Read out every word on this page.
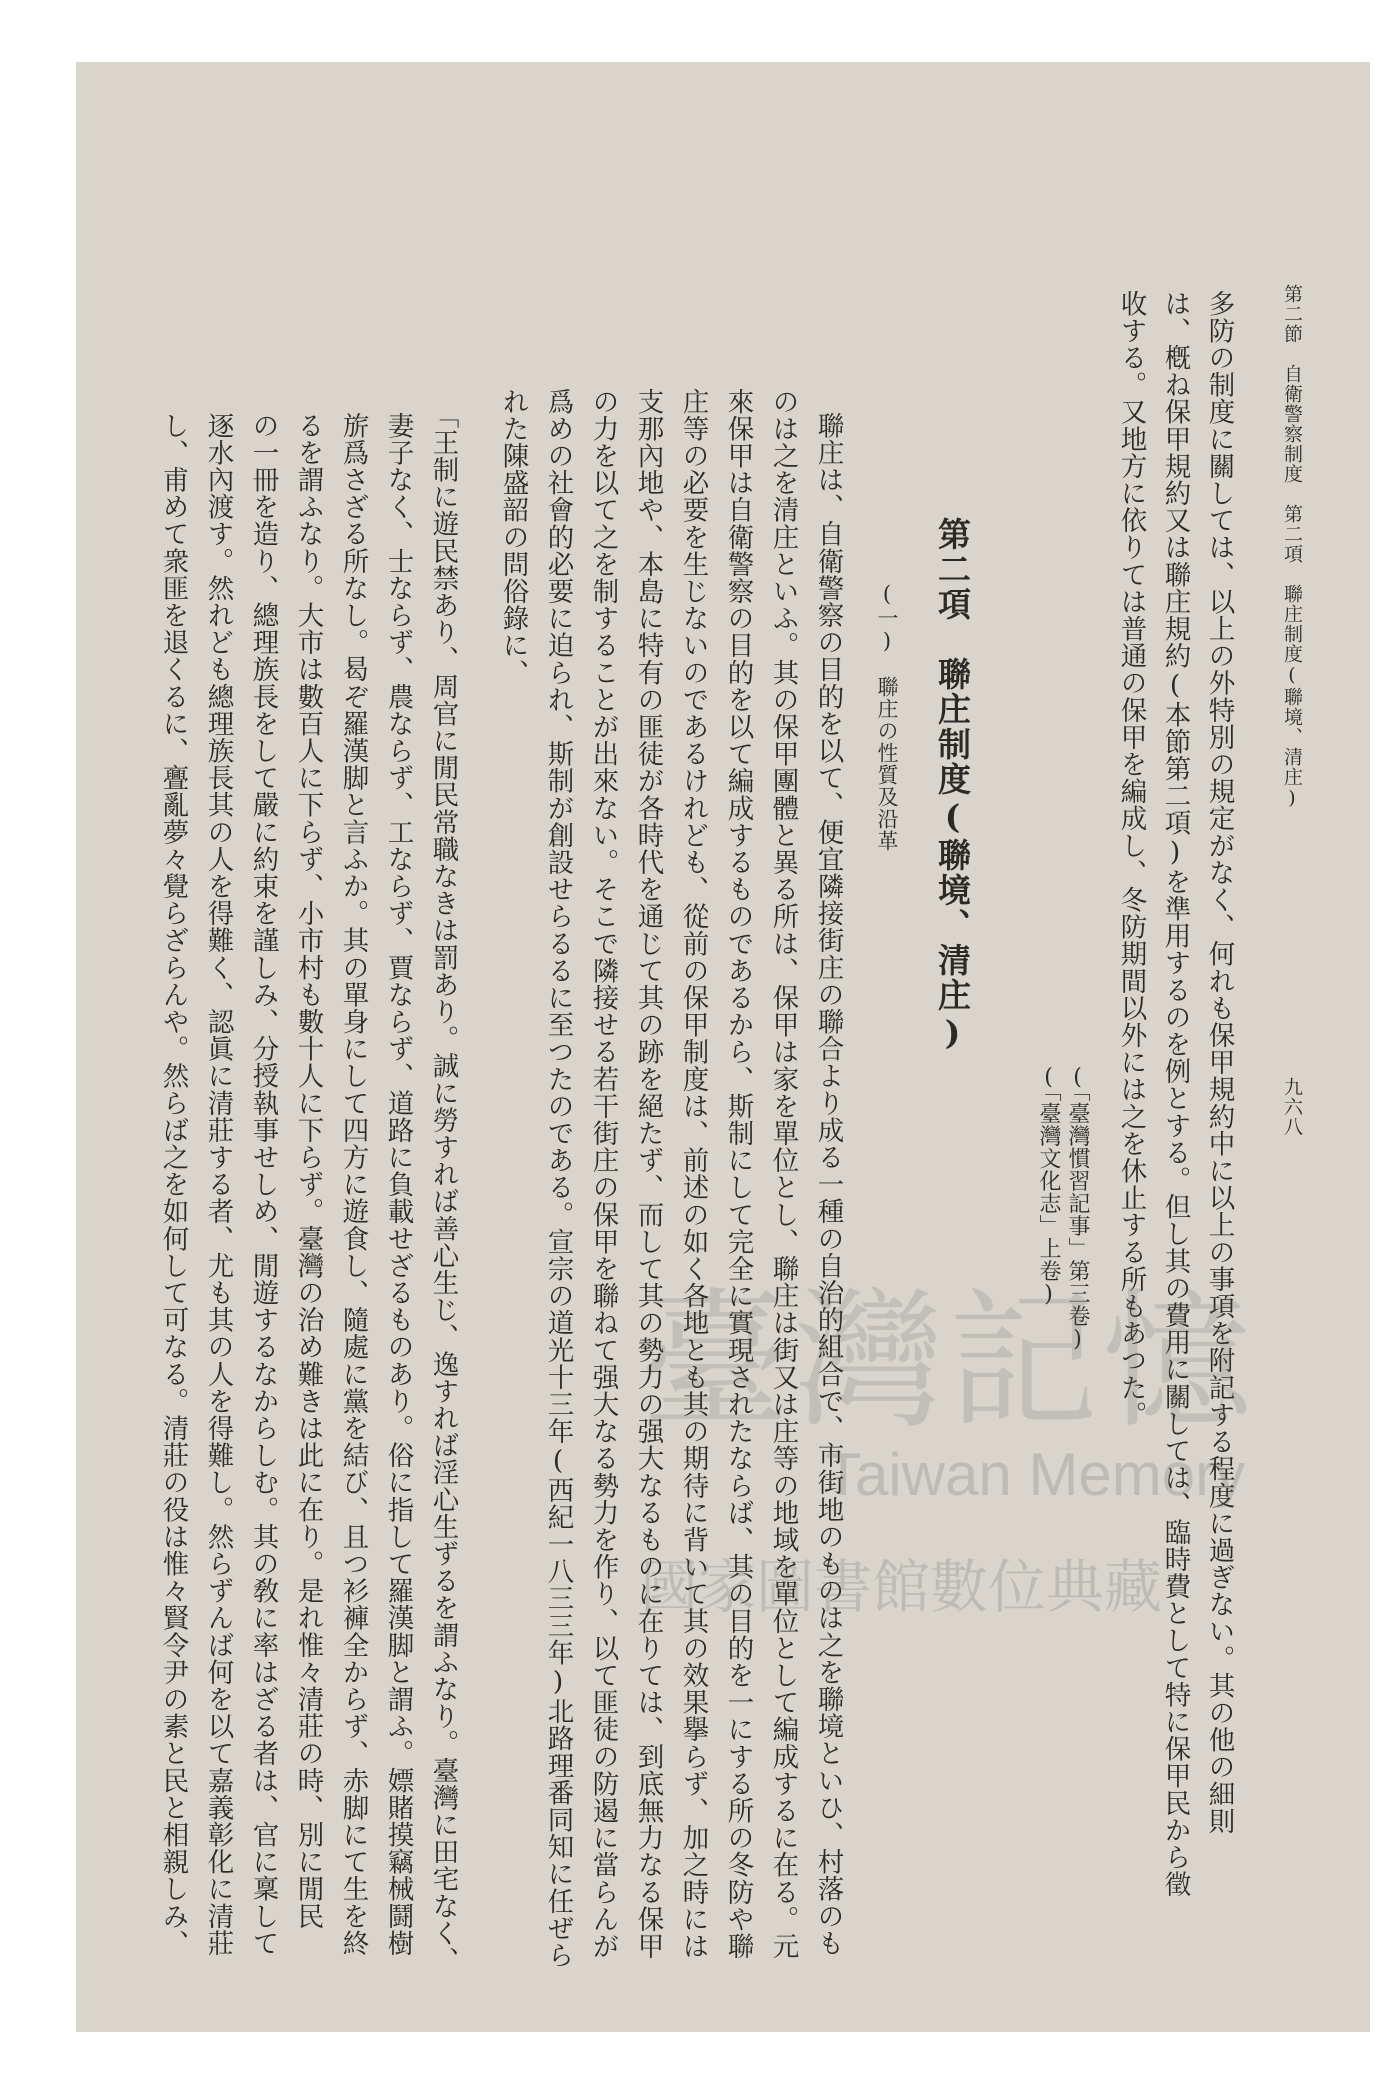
第二節　自衛警察制度　第二項　聯庄制度(聯境、清庄)
九六八
多防の制度に關しては、以上の外特別の規定がなく、何れも保甲規約中に以上の事項を附記する程度に過ぎない。其の他の細則
は、槪ね保甲規約又は聯庄規約(本節第二項)を準用するのを例とする。但し其の費用に關しては、臨時費として特に保甲民から徵
收する。又地方に依りては普通の保甲を編成し、冬防期間以外には之を休止する所もあつた。
(「臺灣慣習記事」第三卷)
(「臺灣文化志」上卷)
第二項　聯庄制度(聯境、清庄)
(一)　聯庄の性質及沿革
聯庄は、自衛警察の目的を以て、便宜隣接街庄の聯合より成る一種の自治的組合で、市街地のものは之を聯境といひ、村落のも
のは之を清庄といふ。其の保甲團體と異る所は、保甲は家を單位とし、聯庄は街又は庄等の地域を單位として編成するに在る。元
來保甲は自衛警察の目的を以て編成するものであるから、斯制にして完全に實現されたならば、其の目的を一にする所の冬防や聯
庄等の必要を生じないのであるけれども、從前の保甲制度は、前述の如く各地とも其の期待に背いて其の效果擧らず、加之時には
支那內地や、本島に特有の匪徒が各時代を通じて其の跡を絕たず、而して其の勢力の强大なるものに在りては、到底無力なる保甲
の力を以て之を制することが出來ない。そこで隣接せる若干街庄の保甲を聯ねて强大なる勢力を作り、以て匪徒の防遏に當らんが
爲めの社會的必要に迫られ、斯制が創設せらるるに至つたのである。宣宗の道光十三年(西紀一八三三年)北路理番同知に任ぜら
れた陳盛韶の問俗錄に、
「王制に遊民禁あり、周官に閒民常職なきは罰あり。誠に勞すれば善心生じ、逸すれば淫心生ずるを謂ふなり。臺灣に田宅なく、
妻子なく、士ならず、農ならず、工ならず、賈ならず、道路に負載せざるものあり。俗に指して羅漢脚と謂ふ。嫖賭摸竊械鬪樹
旂爲さざる所なし。曷ぞ羅漢脚と言ふか。其の單身にして四方に遊食し、隨處に黨を結び、且つ衫褲全からず、赤脚にて生を終
るを謂ふなり。大市は數百人に下らず、小市村も數十人に下らず。臺灣の治め難きは此に在り。是れ惟々清莊の時、別に閒民
の一冊を造り、總理族長をして嚴に約束を謹しみ、分授執事せしめ、閒遊するなからしむ。其の敎に率はざる者は、官に稟して
逐水內渡す。然れども總理族長其の人を得難く、認眞に清莊する者、尤も其の人を得難し。然らずんば何を以て嘉義彰化に清莊
し、甫めて衆匪を退くるに、亹亂夢々覺らざらんや。然らば之を如何して可なる。清莊の役は惟々賢令尹の素と民と相親しみ、	Taiwan Memory
國家圖書館數位典藏
